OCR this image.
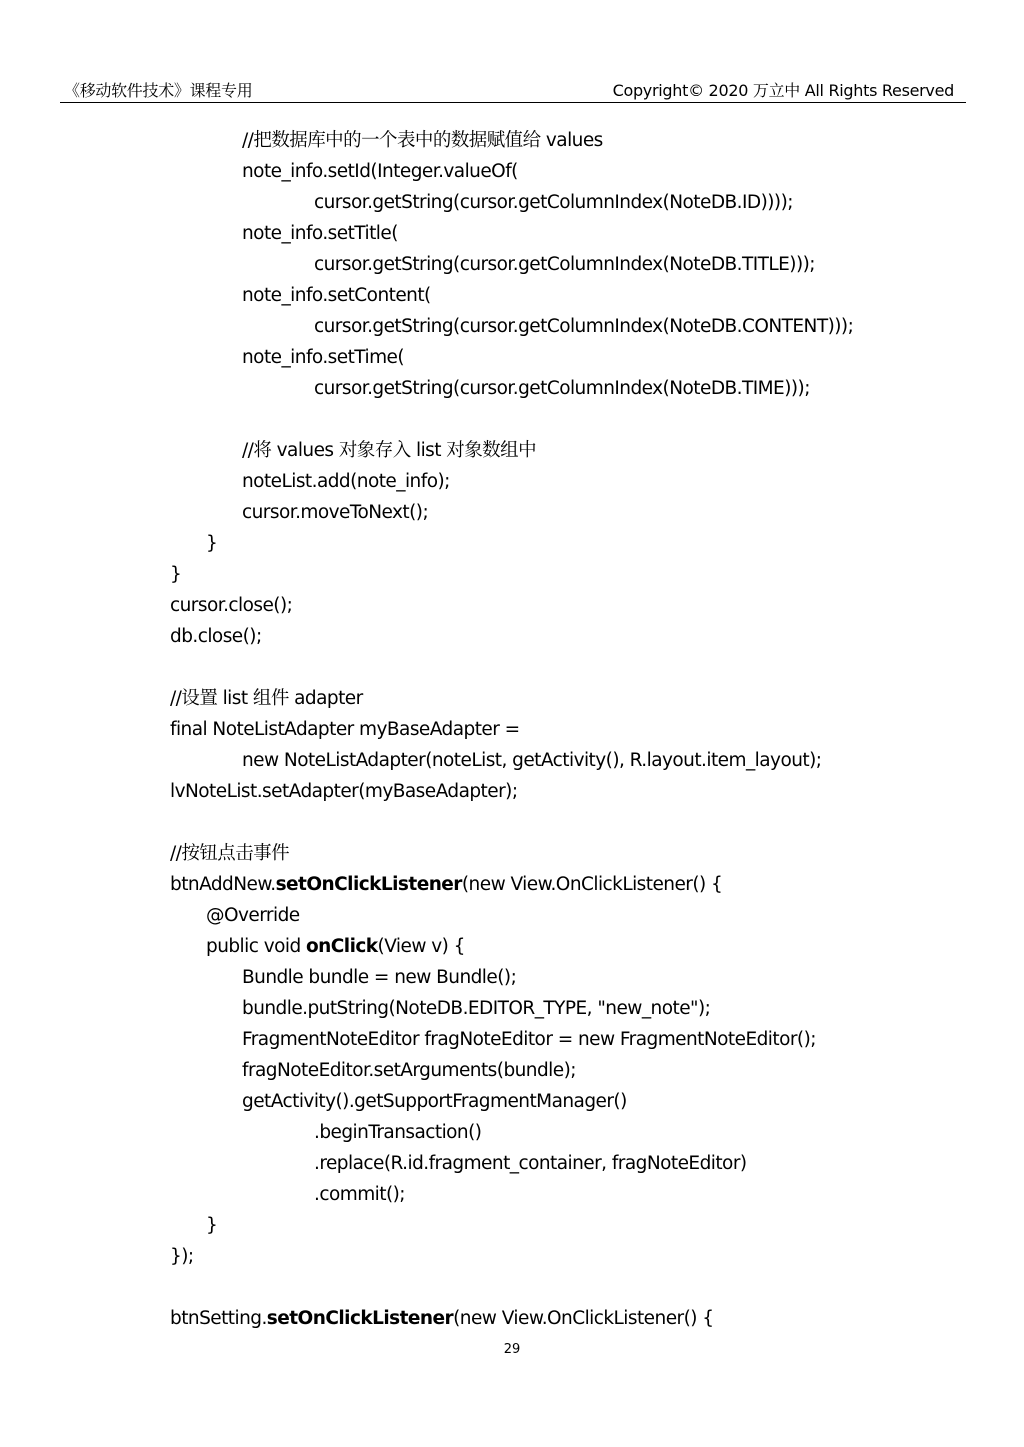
《移动软件技术》课程专用	Copyright© 2020 万立中 All Rights Reserved
//把数据库中的一个表中的数据赋值给 values
note_info.setId(Integer.valueOf(
cursor.getString(cursor.getColumnIndex(NoteDB.ID))));
note_info.setTitle(
cursor.getString(cursor.getColumnIndex(NoteDB.TITLE)));
note_info.setContent(
cursor.getString(cursor.getColumnIndex(NoteDB.CONTENT)));
note_info.setTime(
cursor.getString(cursor.getColumnIndex(NoteDB.TIME)));
//将 values 对象存入 list 对象数组中
noteList.add(note_info);
cursor.moveToNext();
}
}
cursor.close();
db.close();
//设置 list 组件 adapter
final NoteListAdapter myBaseAdapter =
new NoteListAdapter(noteList, getActivity(), R.layout.item_layout);
lvNoteList.setAdapter(myBaseAdapter);
//按钮点击事件
btnAddNew.setOnClickListener(new View.OnClickListener() {
@Override
public void onClick(View v) {
Bundle bundle = new Bundle();
bundle.putString(NoteDB.EDITOR_TYPE, "new_note");
FragmentNoteEditor fragNoteEditor = new FragmentNoteEditor();
fragNoteEditor.setArguments(bundle);
getActivity().getSupportFragmentManager()
.beginTransaction()
.replace(R.id.fragment_container, fragNoteEditor)
.commit();
}
});
btnSetting.setOnClickListener(new View.OnClickListener() {
29
